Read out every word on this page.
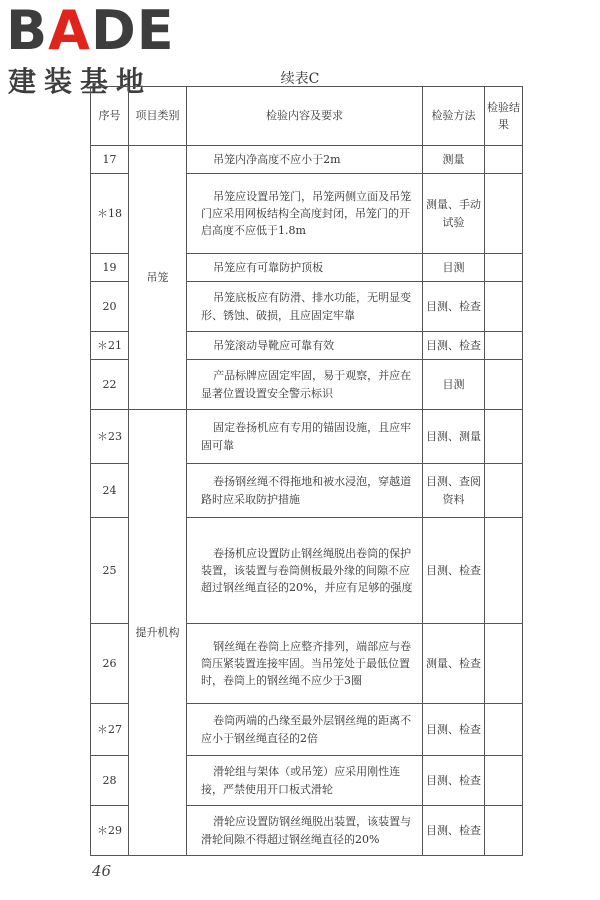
BADE
建装基地	续表C
序号	项目类别	检验内容及要求	检验方法	检验结果
17	吊笼	吊笼内净高度不应小于2m	测量	
＊18		吊笼应设置吊笼门，吊笼两侧立面及吊笼门应采用网板结构全高度封闭，吊笼门的开启高度不应低于1.8m	测量、手动试验	
19		吊笼应有可靠防护顶板	目测	
20		吊笼底板应有防滑、排水功能，无明显变形、锈蚀、破损，且应固定牢靠	目测、检查	
＊21		吊笼滚动导靴应可靠有效	目测、检查	
22		产品标牌应固定牢固，易于观察，并应在显著位置设置安全警示标识	目测	
＊23	提升机构	固定卷扬机应有专用的锚固设施，且应牢固可靠	目测、测量	
24		卷扬钢丝绳不得拖地和被水浸泡，穿越道路时应采取防护措施	目测、查阅资料	
25		卷扬机应设置防止钢丝绳脱出卷筒的保护装置，该装置与卷筒侧板最外缘的间隙不应超过钢丝绳直径的20%，并应有足够的强度	目测、检查	
26		钢丝绳在卷筒上应整齐排列，端部应与卷筒压紧装置连接牢固。当吊笼处于最低位置时，卷筒上的钢丝绳不应少于3圈	测量、检查	
＊27		卷筒两端的凸缘至最外层钢丝绳的距离不应小于钢丝绳直径的2倍	目测、检查	
28		滑轮组与架体（或吊笼）应采用刚性连接，严禁使用开口板式滑轮	目测、检查	
＊29		滑轮应设置防钢丝绳脱出装置，该装置与滑轮间隙不得超过钢丝绳直径的20%	目测、检查	
46
